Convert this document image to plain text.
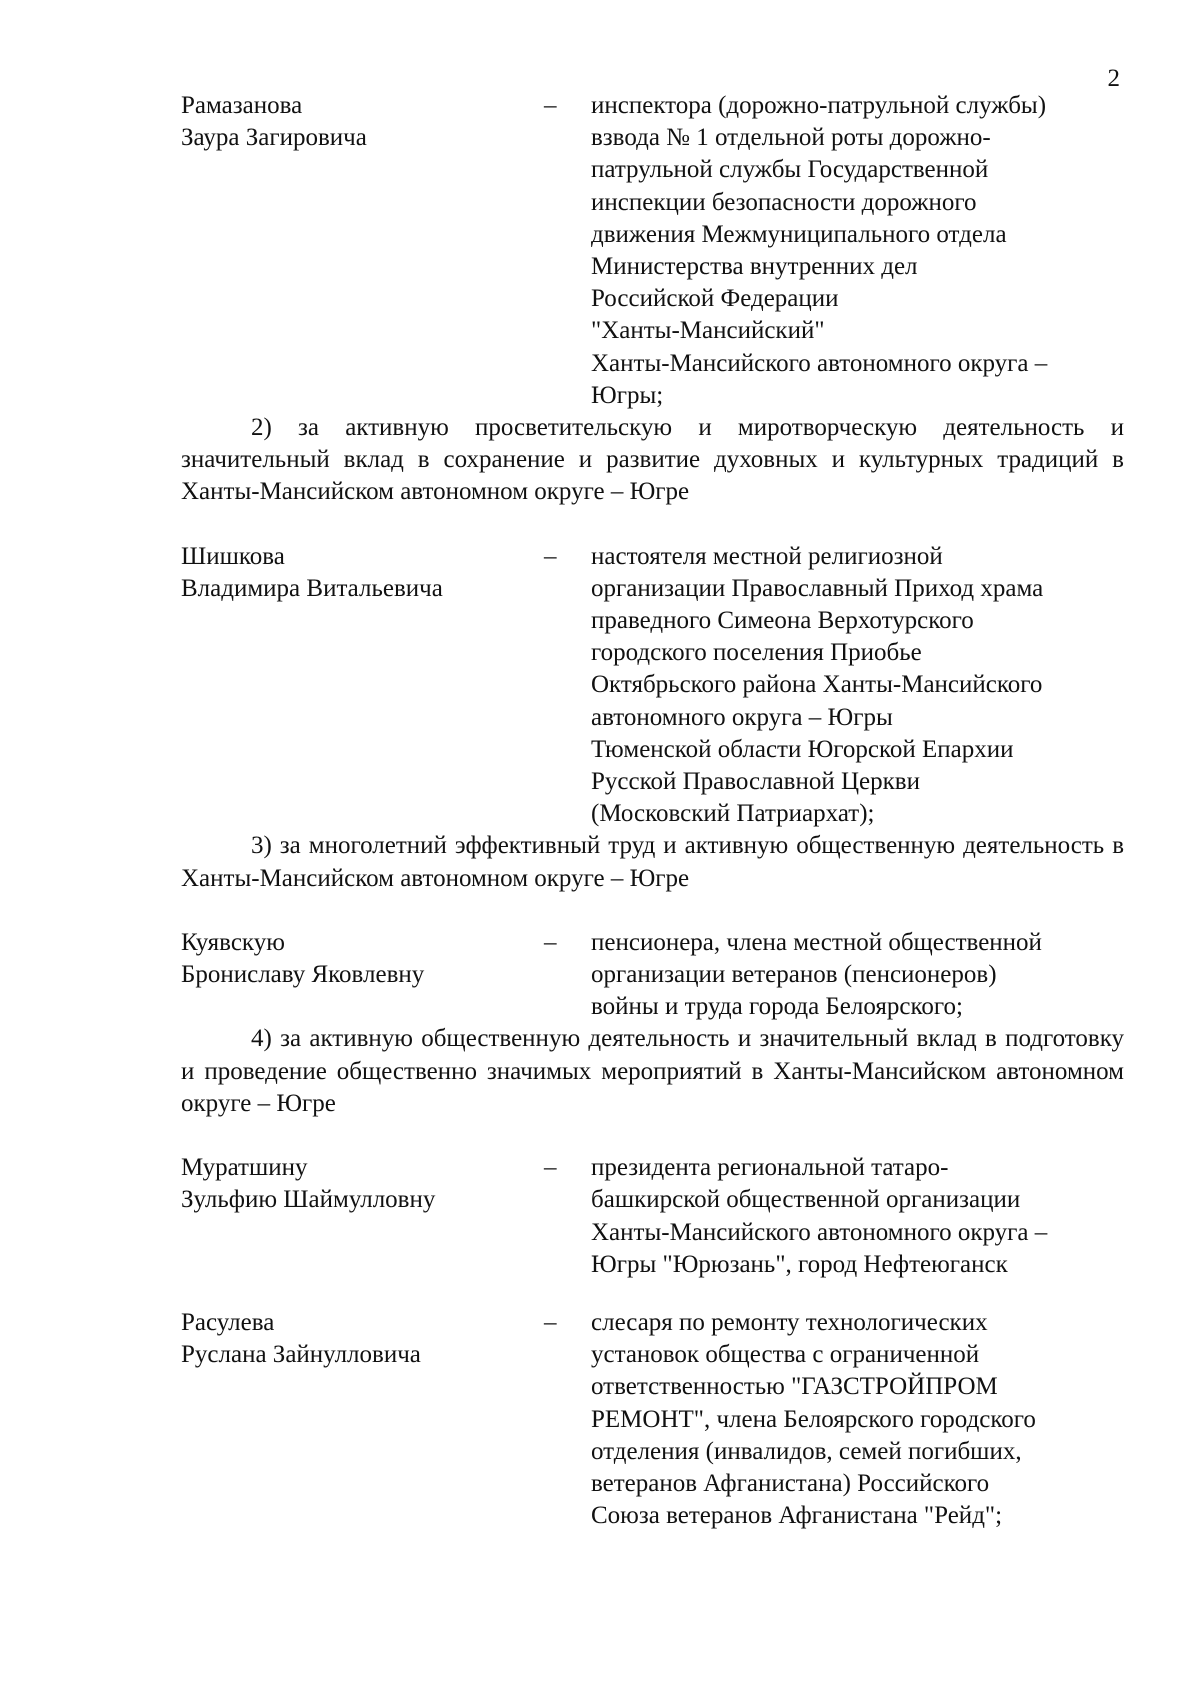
2
Рамазанова
Заура Загировича
–	инспектора (дорожно-патрульной службы)
взвода № 1 отдельной роты дорожно-
патрульной службы Государственной
инспекции безопасности дорожного
движения Межмуниципального отдела
Министерства внутренних дел
Российской Федерации
"Ханты-Мансийский"
Ханты-Мансийского автономного округа –
Югры;

2) за активную просветительскую и миротворческую деятельность и значительный вклад в сохранение и развитие духовных и культурных традиций в Ханты-Мансийском автономном округе – Югре

Шишкова
Владимира Витальевича
–	настоятеля местной религиозной
организации Православный Приход храма
праведного Симеона Верхотурского
городского поселения Приобье
Октябрьского района Ханты-Мансийского
автономного округа – Югры
Тюменской области Югорской Епархии
Русской Православной Церкви
(Московский Патриархат);

3) за многолетний эффективный труд и активную общественную деятельность в Ханты-Мансийском автономном округе – Югре

Куявскую
Брониславу Яковлевну
–	пенсионера, члена местной общественной
организации ветеранов (пенсионеров)
войны и труда города Белоярского;

4) за активную общественную деятельность и значительный вклад в подготовку и проведение общественно значимых мероприятий в Ханты-Мансийском автономном округе – Югре

Муратшину
Зульфию Шаймулловну
–	президента региональной татаро-
башкирской общественной организации
Ханты-Мансийского автономного округа –
Югры "Юрюзань", город Нефтеюганск
Расулева
Руслана Зайнулловича
–	слесаря по ремонту технологических
установок общества с ограниченной
ответственностью "ГАЗСТРОЙПРОМ
РЕМОНТ", члена Белоярского городского
отделения (инвалидов, семей погибших,
ветеранов Афганистана) Российского
Союза ветеранов Афганистана "Рейд";
